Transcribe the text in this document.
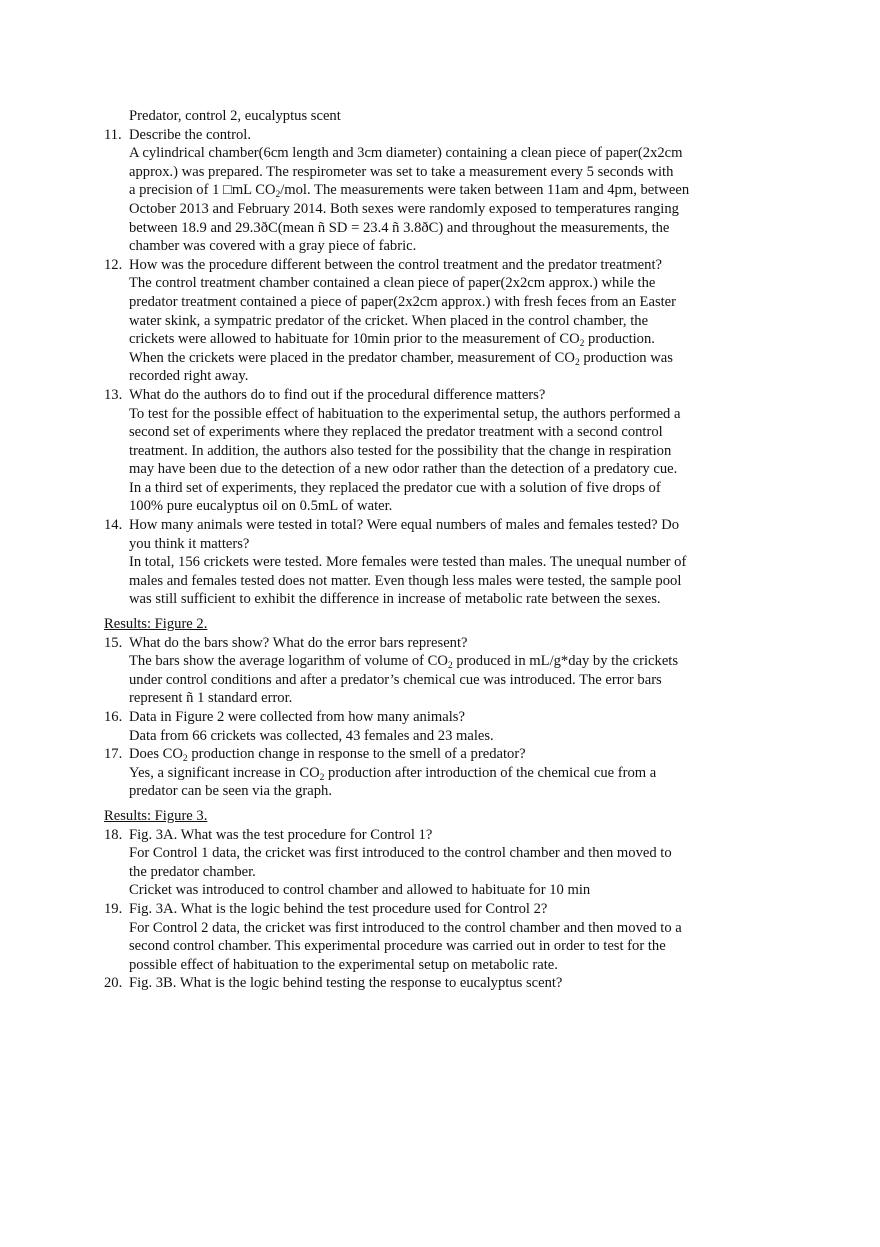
Predator, control 2, eucalyptus scent
11. Describe the control.
A cylindrical chamber(6cm length and 3cm diameter) containing a clean piece of paper(2x2cm
approx.) was prepared. The respirometer was set to take a measurement every 5 seconds with
a precision of 1 □mL $CO_2$/mol. The measurements were taken between 11am and 4pm, between
October 2013 and February 2014. Both sexes were randomly exposed to temperatures ranging
between 18.9 and 29.3ðC(mean ñ SD = 23.4 ñ 3.8ðC) and throughout the measurements, the
chamber was covered with a gray piece of fabric.
12. How was the procedure different between the control treatment and the predator treatment?
The control treatment chamber contained a clean piece of paper(2x2cm approx.) while the
predator treatment contained a piece of paper(2x2cm approx.) with fresh feces from an Easter
water skink, a sympatric predator of the cricket. When placed in the control chamber, the
crickets were allowed to habituate for 10min prior to the measurement of $CO_2$ production.
When the crickets were placed in the predator chamber, measurement of $CO_2$ production was
recorded right away.
13. What do the authors do to find out if the procedural difference matters?
To test for the possible effect of habituation to the experimental setup, the authors performed a
second set of experiments where they replaced the predator treatment with a second control
treatment. In addition, the authors also tested for the possibility that the change in respiration
may have been due to the detection of a new odor rather than the detection of a predatory cue.
In a third set of experiments, they replaced the predator cue with a solution of five drops of
100% pure eucalyptus oil on 0.5mL of water.
14. How many animals were tested in total? Were equal numbers of males and females tested? Do
you think it matters?
In total, 156 crickets were tested. More females were tested than males. The unequal number of
males and females tested does not matter. Even though less males were tested, the sample pool
was still sufficient to exhibit the difference in increase of metabolic rate between the sexes.
Results: Figure 2.
15. What do the bars show? What do the error bars represent?
The bars show the average logarithm of volume of $CO_2$ produced in mL/g*day by the crickets
under control conditions and after a predator’s chemical cue was introduced. The error bars
represent ñ 1 standard error.
16. Data in Figure 2 were collected from how many animals?
Data from 66 crickets was collected, 43 females and 23 males.
17. Does $CO_2$ production change in response to the smell of a predator?
Yes, a significant increase in $CO_2$ production after introduction of the chemical cue from a
predator can be seen via the graph.
Results: Figure 3.
18. Fig. 3A. What was the test procedure for Control 1?
For Control 1 data, the cricket was first introduced to the control chamber and then moved to
the predator chamber.
Cricket was introduced to control chamber and allowed to habituate for 10 min
19. Fig. 3A. What is the logic behind the test procedure used for Control 2?
For Control 2 data, the cricket was first introduced to the control chamber and then moved to a
second control chamber. This experimental procedure was carried out in order to test for the
possible effect of habituation to the experimental setup on metabolic rate.
20. Fig. 3B. What is the logic behind testing the response to eucalyptus scent?
